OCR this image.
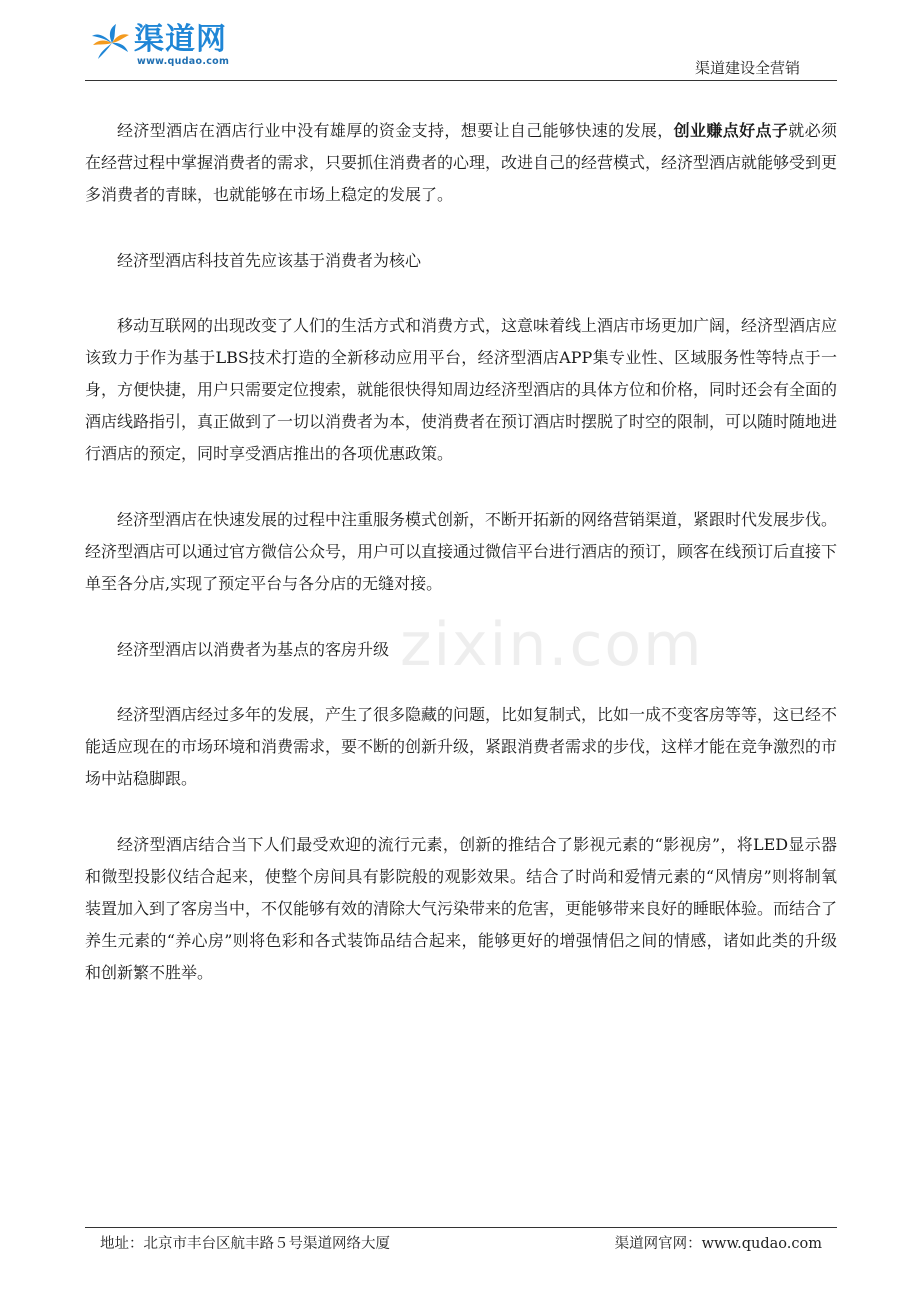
渠道网
www.qudao.com	渠道建设全营销

经济型酒店在酒店行业中没有雄厚的资金支持，想要让自己能够快速的发展，创业赚点好点子就必须在经营过程中掌握消费者的需求，只要抓住消费者的心理，改进自己的经营模式，经济型酒店就能够受到更多消费者的青睐，也就能够在市场上稳定的发展了。

经济型酒店科技首先应该基于消费者为核心

移动互联网的出现改变了人们的生活方式和消费方式，这意味着线上酒店市场更加广阔，经济型酒店应该致力于作为基于LBS技术打造的全新移动应用平台，经济型酒店APP集专业性、区域服务性等特点于一身，方便快捷，用户只需要定位搜索，就能很快得知周边经济型酒店的具体方位和价格，同时还会有全面的酒店线路指引，真正做到了一切以消费者为本，使消费者在预订酒店时摆脱了时空的限制，可以随时随地进行酒店的预定，同时享受酒店推出的各项优惠政策。

经济型酒店在快速发展的过程中注重服务模式创新，不断开拓新的网络营销渠道，紧跟时代发展步伐。经济型酒店可以通过官方微信公众号，用户可以直接通过微信平台进行酒店的预订，顾客在线预订后直接下单至各分店,实现了预定平台与各分店的无缝对接。

经济型酒店以消费者为基点的客房升级

经济型酒店经过多年的发展，产生了很多隐藏的问题，比如复制式，比如一成不变客房等等，这已经不能适应现在的市场环境和消费需求，要不断的创新升级，紧跟消费者需求的步伐，这样才能在竞争激烈的市场中站稳脚跟。

经济型酒店结合当下人们最受欢迎的流行元素，创新的推结合了影视元素的“影视房”，将LED显示器和微型投影仪结合起来，使整个房间具有影院般的观影效果。结合了时尚和爱情元素的“风情房”则将制氧装置加入到了客房当中，不仅能够有效的清除大气污染带来的危害，更能够带来良好的睡眠体验。而结合了养生元素的“养心房”则将色彩和各式装饰品结合起来，能够更好的增强情侣之间的情感，诸如此类的升级和创新繁不胜举。

zixin.com
地址：北京市丰台区航丰路５号渠道网络大厦	渠道网官网：www.qudao.com
